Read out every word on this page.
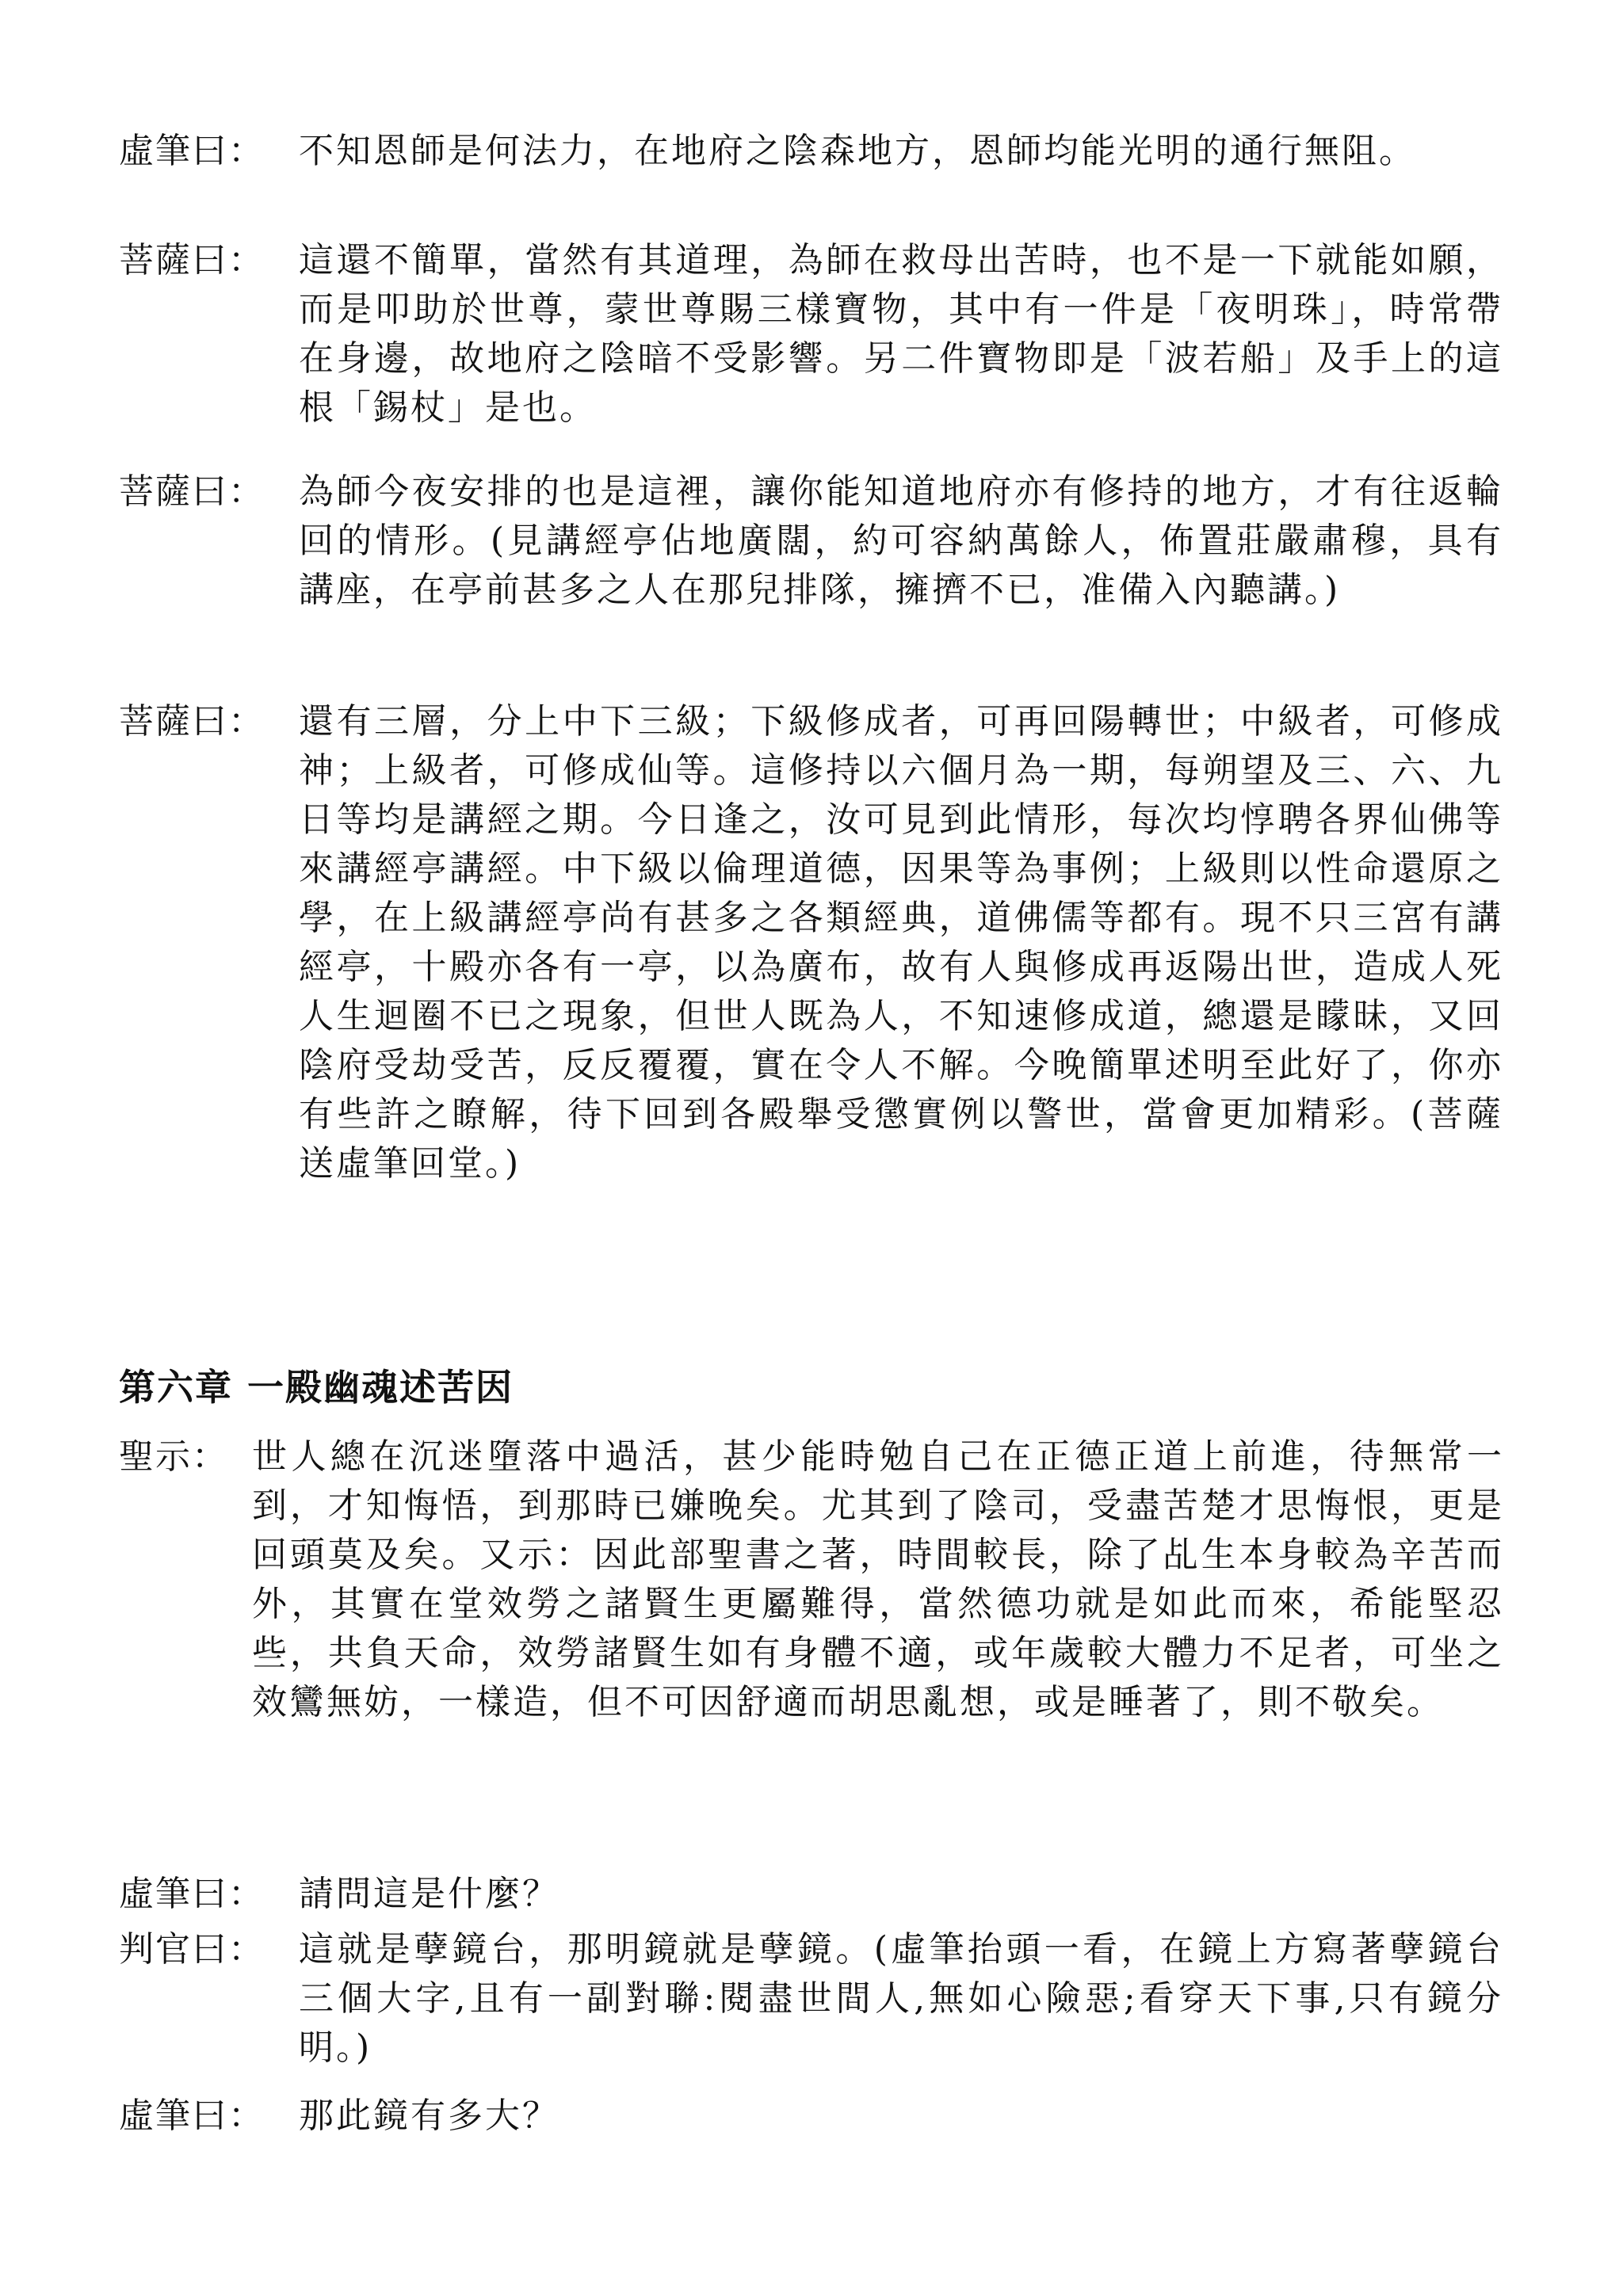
虛筆曰： 不知恩師是何法力，在地府之陰森地方，恩師均能光明的通行無阻。
菩薩曰： 這還不簡單，當然有其道理，為師在救母出苦時，也不是一下就能如願，而是叩助於世尊，蒙世尊賜三樣寶物，其中有一件是「夜明珠」，時常帶在身邊，故地府之陰暗不受影響。另二件寶物即是「波若船」及手上的這根「錫杖」是也。
菩薩曰： 為師今夜安排的也是這裡，讓你能知道地府亦有修持的地方，才有往返輪回的情形。(見講經亭佔地廣闊，約可容納萬餘人，佈置莊嚴肅穆，具有講座，在亭前甚多之人在那兒排隊，擁擠不已，准備入內聽講。)
菩薩曰： 還有三層，分上中下三級；下級修成者，可再回陽轉世；中級者，可修成神；上級者，可修成仙等。這修持以六個月為一期，每朔望及三、六、九日等均是講經之期。今日逢之，汝可見到此情形，每次均惇聘各界仙佛等來講經亭講經。中下級以倫理道德，因果等為事例；上級則以性命還原之學，在上級講經亭尚有甚多之各類經典，道佛儒等都有。現不只三宮有講經亭，十殿亦各有一亭，以為廣布，故有人與修成再返陽出世，造成人死人生迴圈不已之現象，但世人既為人，不知速修成道，總還是矇昧，又回陰府受劫受苦，反反覆覆，實在令人不解。今晚簡單述明至此好了，你亦有些許之瞭解，待下回到各殿舉受懲實例以警世，當會更加精彩。(菩薩送虛筆回堂。)
第六章 一殿幽魂述苦因
聖示： 世人總在沉迷墮落中過活，甚少能時勉自己在正德正道上前進，待無常一到，才知悔悟，到那時已嫌晚矣。尤其到了陰司，受盡苦楚才思悔恨，更是回頭莫及矣。又示：因此部聖書之著，時間較長，除了乩生本身較為辛苦而外，其實在堂效勞之諸賢生更屬難得，當然德功就是如此而來，希能堅忍些，共負天命，效勞諸賢生如有身體不適，或年歲較大體力不足者，可坐之效鸞無妨，一樣造，但不可因舒適而胡思亂想，或是睡著了，則不敬矣。
虛筆曰： 請問這是什麼？
判官曰： 這就是孽鏡台，那明鏡就是孽鏡。(虛筆抬頭一看，在鏡上方寫著孽鏡台三個大字,且有一副對聯:閱盡世間人,無如心險惡;看穿天下事,只有鏡分明。)
虛筆曰： 那此鏡有多大？
